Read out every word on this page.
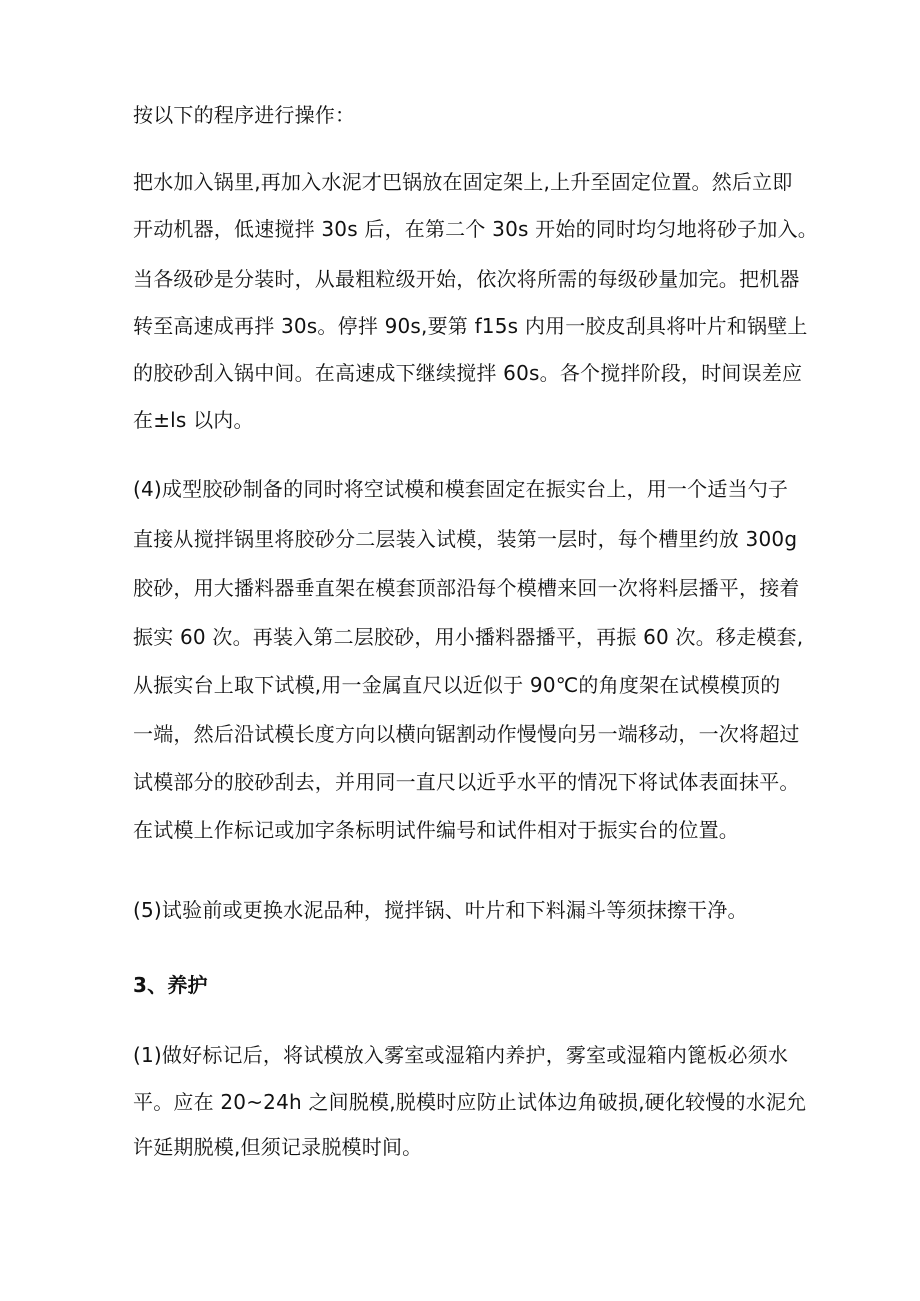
按以下的程序进行操作：
把水加入锅里,再加入水泥才巴锅放在固定架上,上升至固定位置。然后立即
开动机器，低速搅拌 30s 后，在第二个 30s 开始的同时均匀地将砂子加入。
当各级砂是分装时，从最粗粒级开始，依次将所需的每级砂量加完。把机器
转至高速成再拌 30s。停拌 90s,要第 f15s 内用一胶皮刮具将叶片和锅壁上
的胶砂刮入锅中间。在高速成下继续搅拌 60s。各个搅拌阶段，时间误差应
在±ls 以内。
(4)成型胶砂制备的同时将空试模和模套固定在振实台上，用一个适当勺子
直接从搅拌锅里将胶砂分二层装入试模，装第一层时，每个槽里约放 300g
胶砂，用大播料器垂直架在模套顶部沿每个模槽来回一次将料层播平，接着
振实 60 次。再装入第二层胶砂，用小播料器播平，再振 60 次。移走模套,
从振实台上取下试模,用一金属直尺以近似于 90℃的角度架在试模模顶的
一端，然后沿试模长度方向以横向锯割动作慢慢向另一端移动，一次将超过
试模部分的胶砂刮去，并用同一直尺以近乎水平的情况下将试体表面抹平。
在试模上作标记或加字条标明试件编号和试件相对于振实台的位置。
(5)试验前或更换水泥品种，搅拌锅、叶片和下料漏斗等须抹擦干净。
3、养护
(1)做好标记后，将试模放入雾室或湿箱内养护，雾室或湿箱内篦板必须水
平。应在 20~24h 之间脱模,脱模时应防止试体边角破损,硬化较慢的水泥允
许延期脱模,但须记录脱模时间。
